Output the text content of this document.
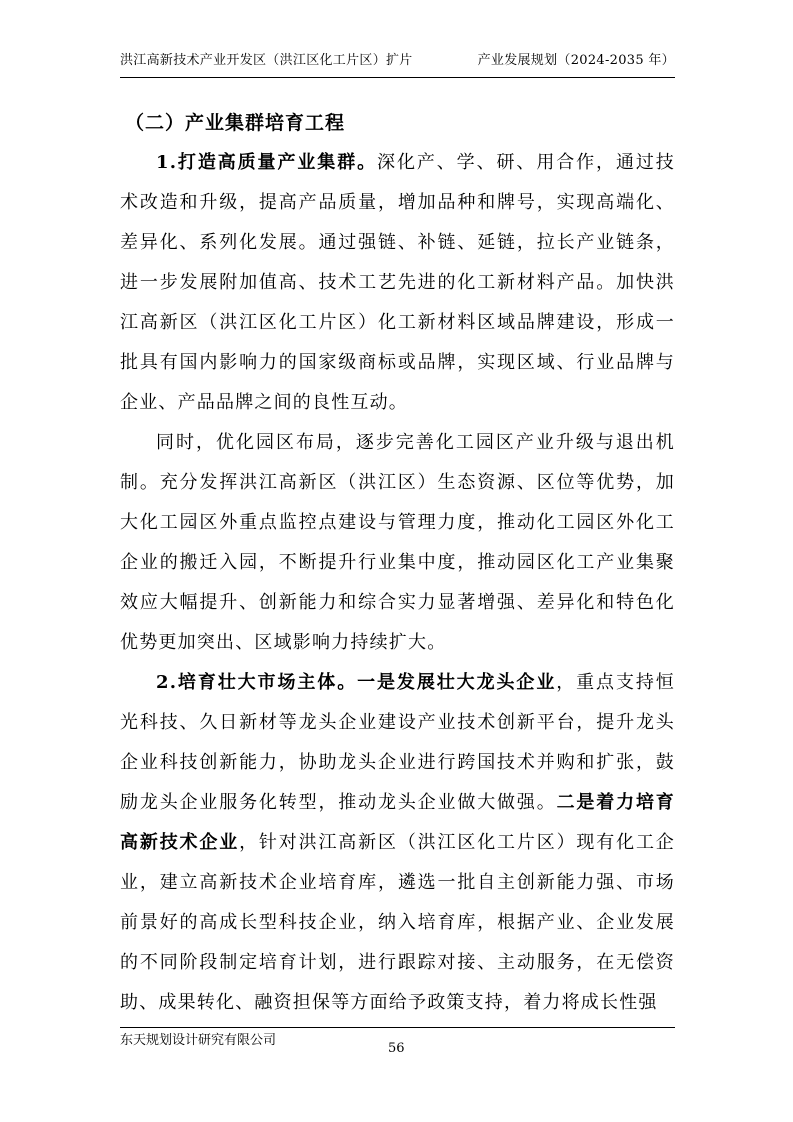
洪江高新技术产业开发区（洪江区化工片区）扩片	产业发展规划（2024-2035 年）
（二）产业集群培育工程

1.打造高质量产业集群。深化产、学、研、用合作，通过技术改造和升级，提高产品质量，增加品种和牌号，实现高端化、差异化、系列化发展。通过强链、补链、延链，拉长产业链条，进一步发展附加值高、技术工艺先进的化工新材料产品。加快洪江高新区（洪江区化工片区）化工新材料区域品牌建设，形成一批具有国内影响力的国家级商标或品牌，实现区域、行业品牌与企业、产品品牌之间的良性互动。

同时，优化园区布局，逐步完善化工园区产业升级与退出机制。充分发挥洪江高新区（洪江区）生态资源、区位等优势，加大化工园区外重点监控点建设与管理力度，推动化工园区外化工企业的搬迁入园，不断提升行业集中度，推动园区化工产业集聚效应大幅提升、创新能力和综合实力显著增强、差异化和特色化优势更加突出、区域影响力持续扩大。

2.培育壮大市场主体。一是发展壮大龙头企业，重点支持恒光科技、久日新材等龙头企业建设产业技术创新平台，提升龙头企业科技创新能力，协助龙头企业进行跨国技术并购和扩张，鼓励龙头企业服务化转型，推动龙头企业做大做强。二是着力培育高新技术企业，针对洪江高新区（洪江区化工片区）现有化工企业，建立高新技术企业培育库，遴选一批自主创新能力强、市场前景好的高成长型科技企业，纳入培育库，根据产业、企业发展的不同阶段制定培育计划，进行跟踪对接、主动服务，在无偿资助、成果转化、融资担保等方面给予政策支持，着力将成长性强

东天规划设计研究有限公司
56
